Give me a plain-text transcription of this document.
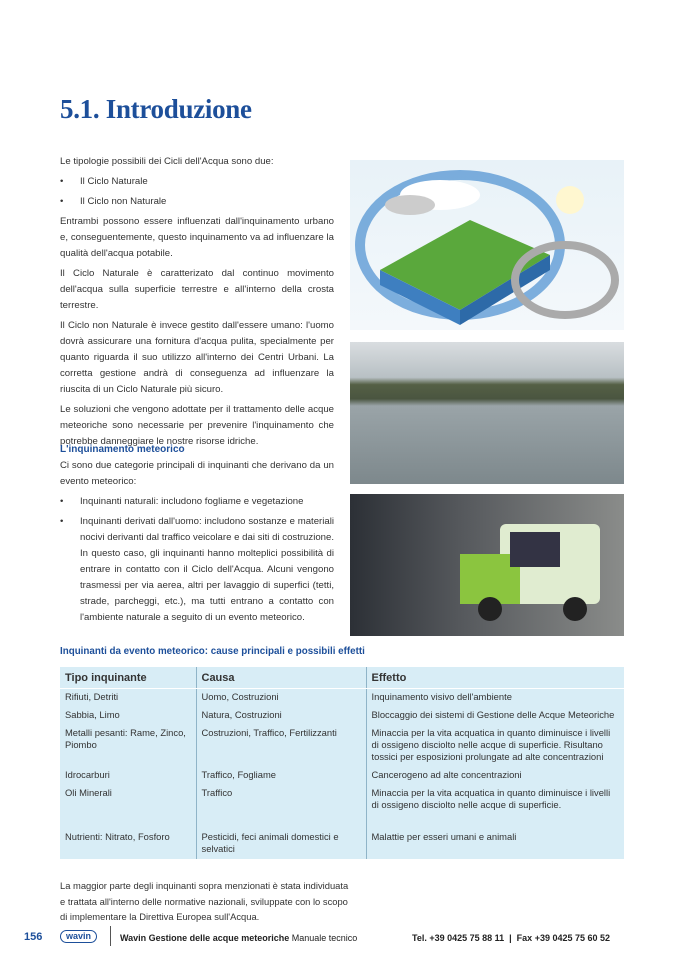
5.1. Introduzione

Le tipologie possibili dei Cicli dell'Acqua sono due:

•	Il Ciclo Naturale
•	Il Ciclo non Naturale

Entrambi possono essere influenzati dall'inquinamento urbano e, conseguentemente, questo inquinamento va ad influenzare la qualità dell'acqua potabile.

Il Ciclo Naturale è caratterizato dal continuo movimento dell'acqua sulla superficie terrestre e all'interno della crosta terrestre.

Il Ciclo non Naturale è invece gestito dall'essere umano: l'uomo dovrà assicurare una fornitura d'acqua pulita, specialmente per quanto riguarda il suo utilizzo all'interno dei Centri Urbani. La corretta gestione andrà di conseguenza ad influenzare la riuscita di un Ciclo Naturale più sicuro.

Le soluzioni che vengono adottate per il trattamento delle acque meteoriche sono necessarie per prevenire l'inquinamento che potrebbe danneggiare le nostre risorse idriche.

L'inquinamento meteorico

Ci sono due categorie principali di inquinanti che derivano da un evento meteorico:

•	Inquinanti naturali: includono fogliame e vegetazione
•	Inquinanti derivati dall'uomo: includono sostanze e materiali nocivi derivanti dal traffico veicolare e dai siti di costruzione. In questo caso, gli inquinanti hanno molteplici possibilità di entrare in contatto con il Ciclo dell'Acqua. Alcuni vengono trasmessi per via aerea, altri per lavaggio di superfici (tetti, strade, parcheggi, etc.), ma tutti entrano a contatto con l'ambiente naturale a seguito di un evento meteorico.
Inquinanti da evento meteorico: cause principali e possibili effetti
Tipo inquinante	Causa	Effetto
Rifiuti, Detriti	Uomo, Costruzioni	Inquinamento visivo dell'ambiente
Sabbia, Limo	Natura, Costruzioni	Bloccaggio dei sistemi di Gestione delle Acque Meteoriche
Metalli pesanti: Rame, Zinco, Piombo	Costruzioni, Traffico, Fertilizzanti	Minaccia per la vita acquatica in quanto diminuisce i livelli di ossigeno disciolto nelle acque di superficie. Risultano tossici per esposizioni prolungate ad alte concentrazioni
Idrocarburi	Traffico, Fogliame	Cancerogeno ad alte concentrazioni
Oli Minerali	Traffico	Minaccia per la vita acquatica in quanto diminuisce i livelli di ossigeno disciolto nelle acque di superficie.
Nutrienti: Nitrato, Fosforo	Pesticidi, feci animali domestici e selvatici	Malattie per esseri umani e animali
La maggior parte degli inquinanti sopra menzionati è stata individuata e trattata all'interno delle normative nazionali, sviluppate con lo scopo di implementare la Direttiva Europea sull'Acqua.
156	wavin	Wavin Gestione delle acque meteoriche Manuale tecnico	Tel. +39 0425 75 88 11  |  Fax +39 0425 75 60 52
